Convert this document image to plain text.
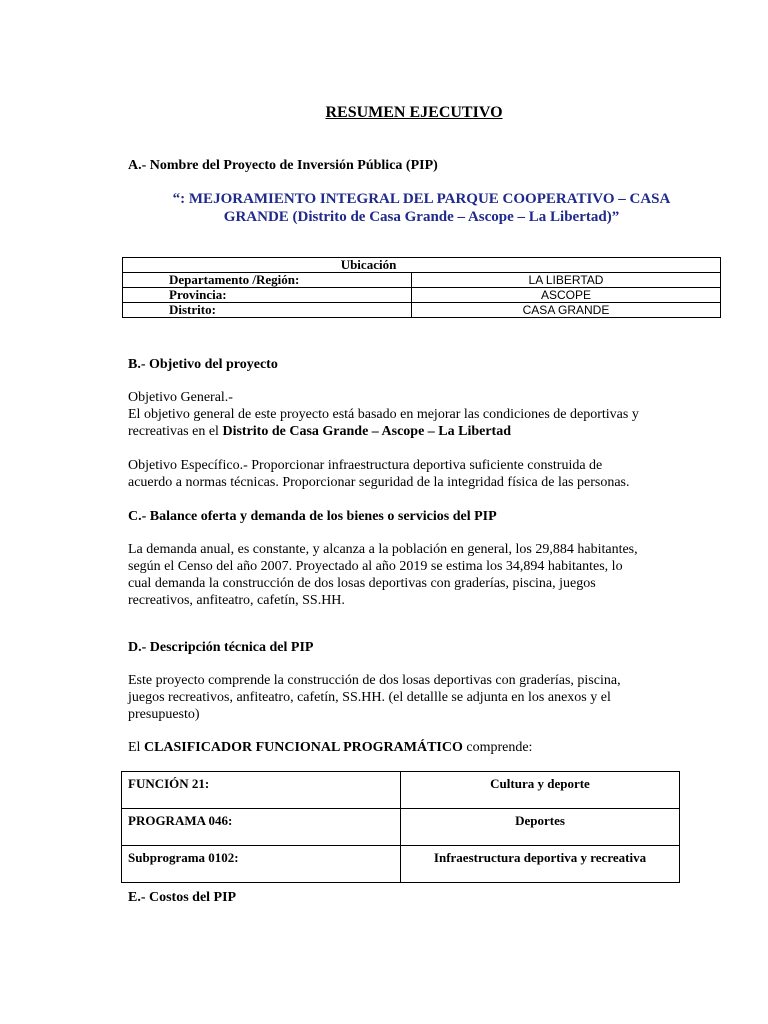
RESUMEN EJECUTIVO
A.- Nombre del Proyecto de Inversión Pública (PIP)
“: MEJORAMIENTO INTEGRAL DEL PARQUE COOPERATIVO – CASA
GRANDE (Distrito de Casa Grande – Ascope – La Libertad)”
Ubicación	
Departamento /Región:	LA LIBERTAD
Provincia:	ASCOPE
Distrito:	CASA GRANDE
B.- Objetivo del proyecto
Objetivo General.-
El objetivo general de este proyecto está basado en mejorar las condiciones de deportivas y
recreativas en el Distrito de Casa Grande – Ascope – La Libertad
Objetivo Específico.- Proporcionar infraestructura deportiva suficiente construida de
acuerdo a normas técnicas. Proporcionar seguridad de la integridad física de las personas.
C.- Balance oferta y demanda de los bienes o servicios del PIP
La demanda anual, es constante, y alcanza a la población en general, los 29,884 habitantes,
según el Censo del año 2007. Proyectado al año 2019 se estima los 34,894 habitantes, lo
cual demanda la construcción de dos losas deportivas con graderías, piscina, juegos
recreativos, anfiteatro, cafetín, SS.HH.
D.- Descripción técnica del PIP
Este proyecto comprende la construcción de dos losas deportivas con graderías, piscina,
juegos recreativos, anfiteatro, cafetín, SS.HH. (el detallle se adjunta en los anexos y el
presupuesto)
El CLASIFICADOR FUNCIONAL PROGRAMÁTICO comprende:
FUNCIÓN 21:	Cultura y deporte
PROGRAMA 046:	Deportes
Subprograma 0102:	Infraestructura deportiva y recreativa
E.- Costos del PIP
